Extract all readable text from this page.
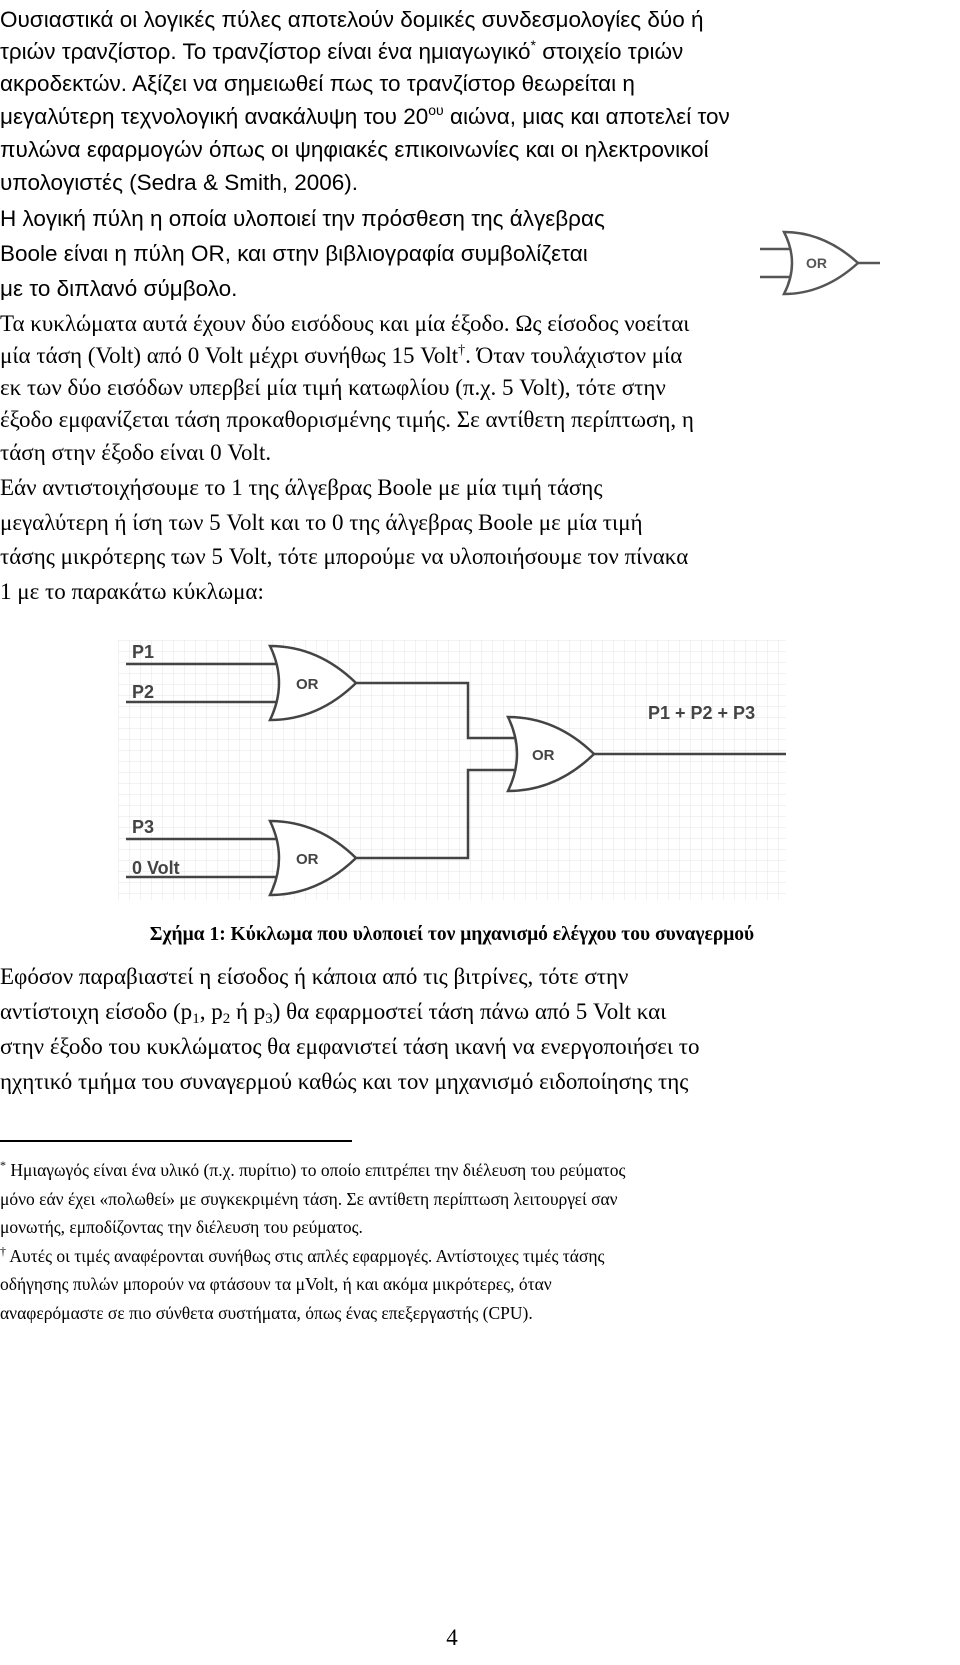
Ουσιαστικά οι λογικές πύλες αποτελούν δομικές συνδεσμολογίες δύο ή

τριών τρανζίστορ. Το τρανζίστορ είναι ένα ημιαγωγικό* στοιχείο τριών

ακροδεκτών. Αξίζει να σημειωθεί πως το τρανζίστορ θεωρείται η

μεγαλύτερη τεχνολογική ανακάλυψη του $20^{o\upsilon}$ αιώνα, μιας και αποτελεί τον

πυλώνα εφαρμογών όπως οι ψηφιακές επικοινωνίες και οι ηλεκτρονικοί

υπολογιστές (Sedra & Smith, 2006).

Η λογική πύλη η οποία υλοποιεί την πρόσθεση της άλγεβρας

Boole είναι η πύλη OR, και στην βιβλιογραφία συμβολίζεται

με το διπλανό σύμβολο.

OR

Τα κυκλώματα αυτά έχουν δύο εισόδους και μία έξοδο. Ως είσοδος νοείται

μία τάση (Volt) από 0 Volt μέχρι συνήθως 15 Volt†. Όταν τουλάχιστον μία

εκ των δύο εισόδων υπερβεί μία τιμή κατωφλίου (π.χ. 5 Volt), τότε στην

έξοδο εμφανίζεται τάση προκαθορισμένης τιμής. Σε αντίθετη περίπτωση, η

τάση στην έξοδο είναι 0 Volt.

Εάν αντιστοιχήσουμε το 1 της άλγεβρας Boole με μία τιμή τάσης

μεγαλύτερη ή ίση των 5 Volt και το 0 της άλγεβρας Boole με μία τιμή

τάσης μικρότερης των 5 Volt, τότε μπορούμε να υλοποιήσουμε τον πίνακα

1 με το παρακάτω κύκλωμα:

OR
OR
OR
P1
P2
P3
0 Volt
P1 + P2 + P3

Σχήμα 1: Κύκλωμα που υλοποιεί τον μηχανισμό ελέγχου του συναγερμού

Εφόσον παραβιαστεί η είσοδος ή κάποια από τις βιτρίνες, τότε στην

αντίστοιχη είσοδο ($p_1$, $p_2$ ή $p_3$) θα εφαρμοστεί τάση πάνω από 5 Volt και

στην έξοδο του κυκλώματος θα εμφανιστεί τάση ικανή να ενεργοποιήσει το

ηχητικό τμήμα του συναγερμού καθώς και τον μηχανισμό ειδοποίησης της

* Ημιαγωγός είναι ένα υλικό (π.χ. πυρίτιο) το οποίο επιτρέπει την διέλευση του ρεύματος

μόνο εάν έχει «πολωθεί» με συγκεκριμένη τάση. Σε αντίθετη περίπτωση λειτουργεί σαν

μονωτής, εμποδίζοντας την διέλευση του ρεύματος.

† Αυτές οι τιμές αναφέρονται συνήθως στις απλές εφαρμογές. Αντίστοιχες τιμές τάσης

οδήγησης πυλών μπορούν να φτάσουν τα μVolt, ή και ακόμα μικρότερες, όταν

αναφερόμαστε σε πιο σύνθετα συστήματα, όπως ένας επεξεργαστής (CPU).

4
